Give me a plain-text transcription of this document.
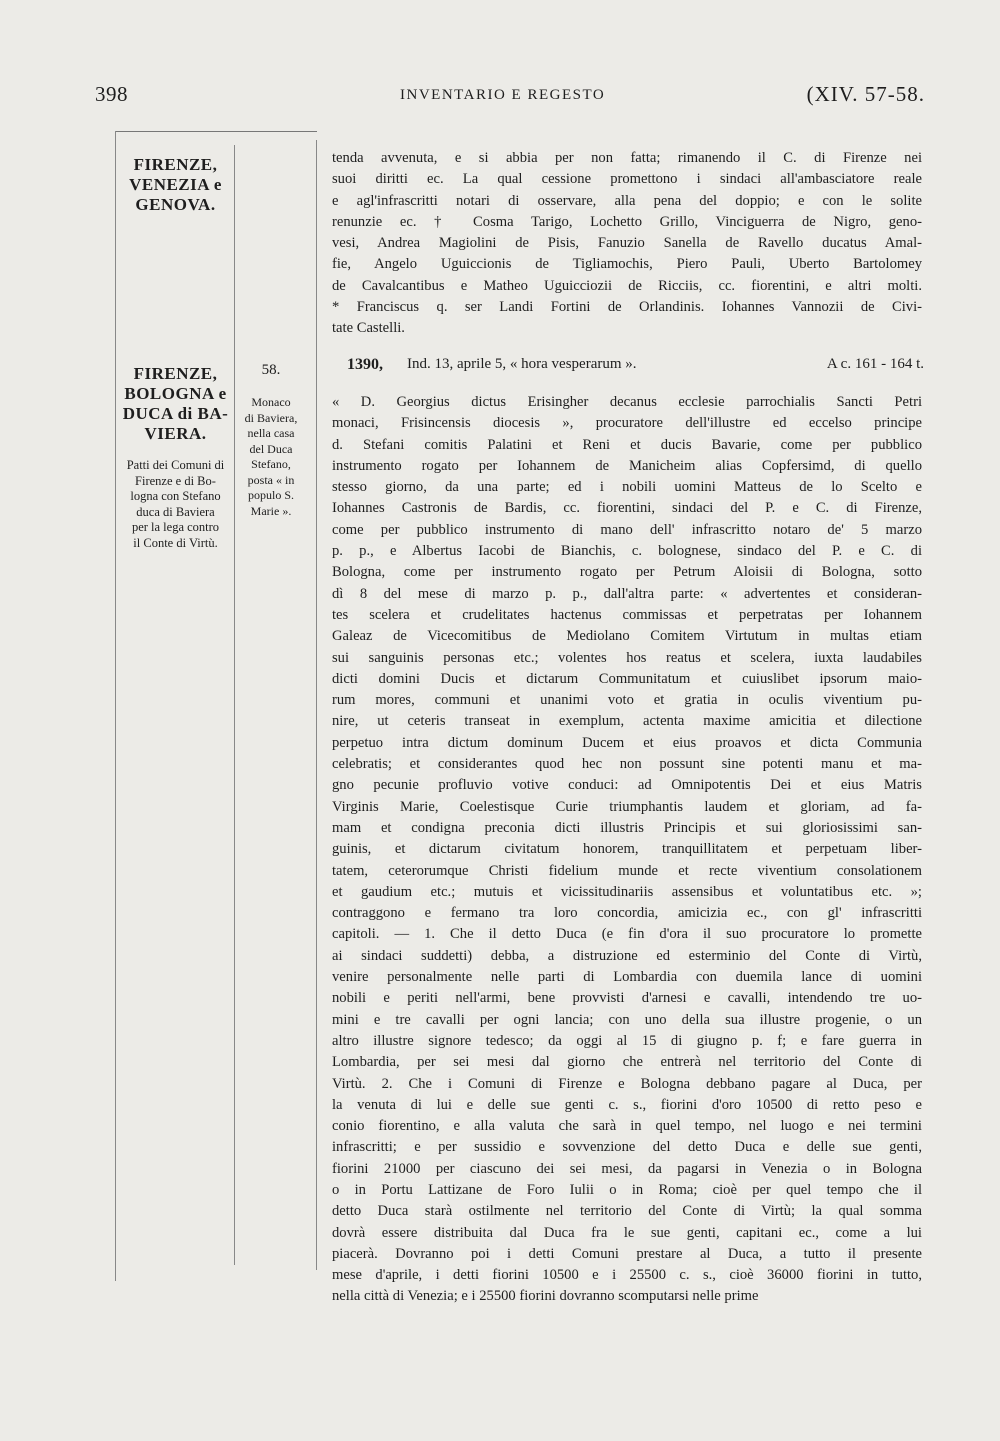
398	INVENTARIO E REGESTO	(XIV. 57-58.
FIRENZE,
VENEZIA e
GENOVA.
FIRENZE,
BOLOGNA e
DUCA di BA-
VIERA.
Patti dei Comuni di
Firenze e di Bo-
logna con Stefano
duca di Baviera
per la lega contro
il Conte di Virtù.
58.
Monaco
di Baviera,
nella casa
del Duca
Stefano,
posta « in
populo S.
Marie ».
tenda avvenuta, e si abbia per non fatta; rimanendo il C. di Firenze nei
suoi diritti ec. La qual cessione promettono i sindaci all'ambasciatore reale
e agl'infrascritti notari di osservare, alla pena del doppio; e con le solite
renunzie ec. † Cosma Tarigo, Lochetto Grillo, Vinciguerra de Nigro, geno-
vesi, Andrea Magiolini de Pisis, Fanuzio Sanella de Ravello ducatus Amal-
fie, Angelo Uguiccionis de Tigliamochis, Piero Pauli, Uberto Bartolomey
de Cavalcantibus e Matheo Uguicciozii de Ricciis, cc. fiorentini, e altri molti.
* Franciscus q. ser Landi Fortini de Orlandinis. Iohannes Vannozii de Civi-
tate Castelli.
1390, Ind. 13, aprile 5, « hora vesperarum ».	A c. 161 - 164 t.
« D. Georgius dictus Erisingher decanus ecclesie parrochialis Sancti Petri
monaci, Frisincensis diocesis », procuratore dell'illustre ed eccelso principe
d. Stefani comitis Palatini et Reni et ducis Bavarie, come per pubblico
instrumento rogato per Iohannem de Manicheim alias Copfersimd, di quello
stesso giorno, da una parte; ed i nobili uomini Matteus de lo Scelto e
Iohannes Castronis de Bardis, cc. fiorentini, sindaci del P. e C. di Firenze,
come per pubblico instrumento di mano dell' infrascritto notaro de' 5 marzo
p. p., e Albertus Iacobi de Bianchis, c. bolognese, sindaco del P. e C. di
Bologna, come per instrumento rogato per Petrum Aloisii di Bologna, sotto
dì 8 del mese di marzo p. p., dall'altra parte: « advertentes et consideran-
tes scelera et crudelitates hactenus commissas et perpetratas per Iohannem
Galeaz de Vicecomitibus de Mediolano Comitem Virtutum in multas etiam
sui sanguinis personas etc.; volentes hos reatus et scelera, iuxta laudabiles
dicti domini Ducis et dictarum Communitatum et cuiuslibet ipsorum maio-
rum mores, communi et unanimi voto et gratia in oculis viventium pu-
nire, ut ceteris transeat in exemplum, actenta maxime amicitia et dilectione
perpetuo intra dictum dominum Ducem et eius proavos et dicta Communia
celebratis; et considerantes quod hec non possunt sine potenti manu et ma-
gno pecunie profluvio votive conduci: ad Omnipotentis Dei et eius Matris
Virginis Marie, Coelestisque Curie triumphantis laudem et gloriam, ad fa-
mam et condigna preconia dicti illustris Principis et sui gloriosissimi san-
guinis, et dictarum civitatum honorem, tranquillitatem et perpetuam liber-
tatem, ceterorumque Christi fidelium munde et recte viventium consolationem
et gaudium etc.; mutuis et vicissitudinariis assensibus et voluntatibus etc. »;
contraggono e fermano tra loro concordia, amicizia ec., con gl' infrascritti
capitoli. — 1. Che il detto Duca (e fin d'ora il suo procuratore lo promette
ai sindaci suddetti) debba, a distruzione ed esterminio del Conte di Virtù,
venire personalmente nelle parti di Lombardia con duemila lance di uomini
nobili e periti nell'armi, bene provvisti d'arnesi e cavalli, intendendo tre uo-
mini e tre cavalli per ogni lancia; con uno della sua illustre progenie, o un
altro illustre signore tedesco; da oggi al 15 di giugno p. f; e fare guerra in
Lombardia, per sei mesi dal giorno che entrerà nel territorio del Conte di
Virtù. 2. Che i Comuni di Firenze e Bologna debbano pagare al Duca, per
la venuta di lui e delle sue genti c. s., fiorini d'oro 10500 di retto peso e
conio fiorentino, e alla valuta che sarà in quel tempo, nel luogo e nei termini
infrascritti; e per sussidio e sovvenzione del detto Duca e delle sue genti,
fiorini 21000 per ciascuno dei sei mesi, da pagarsi in Venezia o in Bologna
o in Portu Lattizane de Foro Iulii o in Roma; cioè per quel tempo che il
detto Duca starà ostilmente nel territorio del Conte di Virtù; la qual somma
dovrà essere distribuita dal Duca fra le sue genti, capitani ec., come a lui
piacerà. Dovranno poi i detti Comuni prestare al Duca, a tutto il presente
mese d'aprile, i detti fiorini 10500 e i 25500 c. s., cioè 36000 fiorini in tutto,
nella città di Venezia; e i 25500 fiorini dovranno scomputarsi nelle prime
